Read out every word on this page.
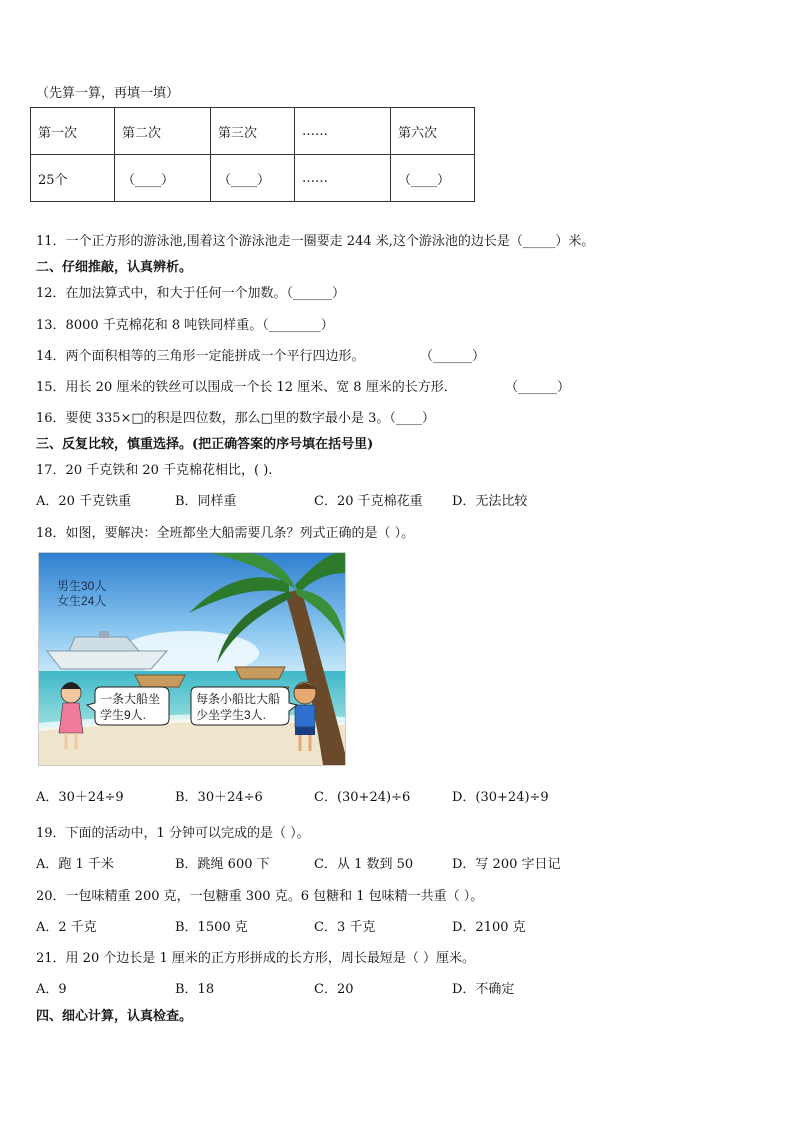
（先算一算，再填一填）
第一次	第二次	第三次	……	第六次
25个	（____）	（____）	……	（____）
11．一个正方形的游泳池,围着这个游泳池走一圈要走 244 米,这个游泳池的边长是（_____）米。
二、仔细推敲，认真辨析。
12．在加法算式中，和大于任何一个加数。（______）
13．8000 千克棉花和 8 吨铁同样重。（________）
14．两个面积相等的三角形一定能拼成一个平行四边形。	（______）
15．用长 20 厘米的铁丝可以围成一个长 12 厘米、宽 8 厘米的长方形．	（______）
16．要使 335×□的积是四位数，那么□里的数字最小是 3。（____）
三、反复比较，慎重选择。(把正确答案的序号填在括号里)
17．20 千克铁和 20 千克棉花相比，( ).
A．20 千克铁重	B．同样重	C．20 千克棉花重 D．无法比较
18．如图，要解决：全班都坐大船需要几条？列式正确的是（ ）。
男生30人
女生24人
一条大船坐
学生9人.
每条小船比大船
少坐学生3人.
A．30＋24÷9	B．30＋24÷6	C．(30+24)÷6	D．(30+24)÷9
19．下面的活动中，1 分钟可以完成的是（ ）。
A．跑 1 千米	B．跳绳 600 下	C．从 1 数到 50	D．写 200 字日记
20．一包味精重 200 克，一包糖重 300 克。6 包糖和 1 包味精一共重（ ）。
A．2 千克	B．1500 克	C．3 千克	D．2100 克
21．用 20 个边长是 1 厘米的正方形拼成的长方形，周长最短是（ ）厘米。
A．9	B．18	C．20	D．不确定
四、细心计算，认真检查。
